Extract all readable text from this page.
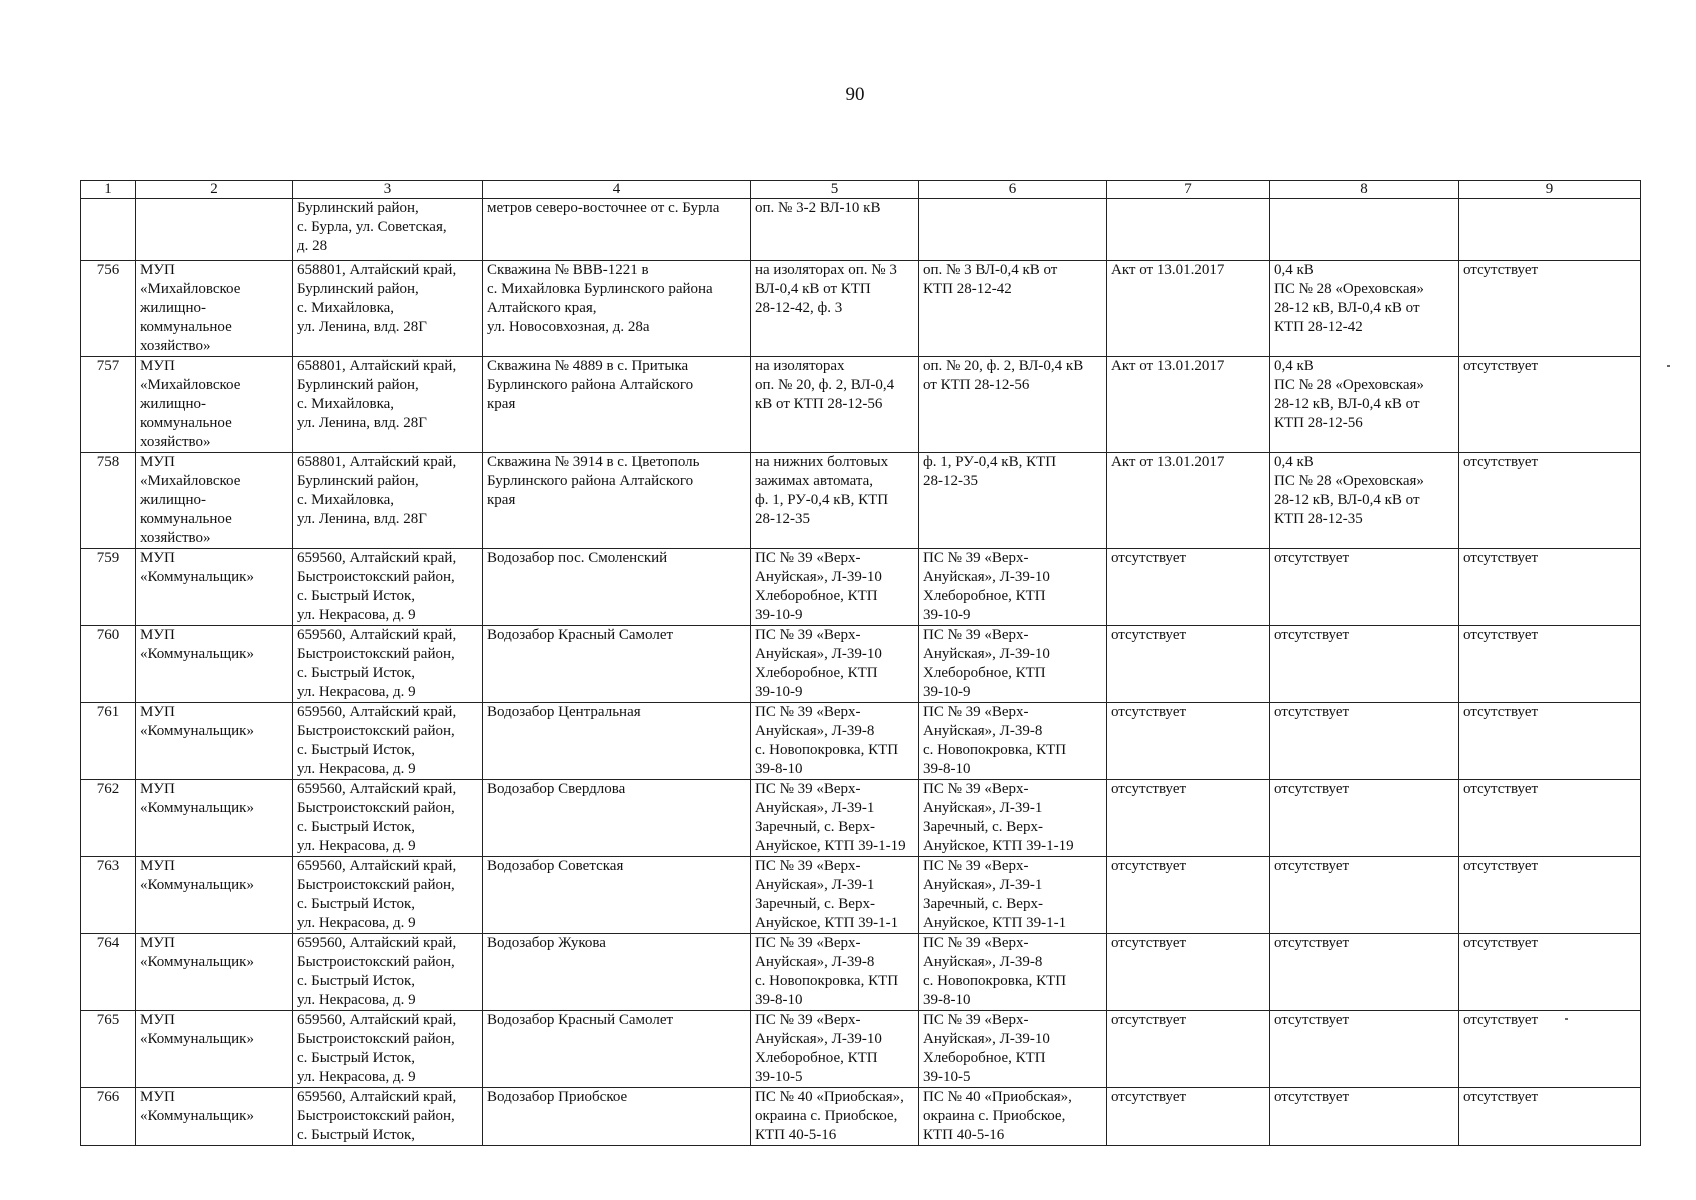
90
1	2	3	4	5	6	7	8	9
		Бурлинский район,
с. Бурла, ул. Советская,
д. 28	метров северо-восточнее от с. Бурла	оп. № 3-2 ВЛ-10 кВ				
756	МУП
«Михайловское
жилищно-
коммунальное
хозяйство»	658801, Алтайский край,
Бурлинский район,
с. Михайловка,
ул. Ленина, влд. 28Г	Скважина № ВВВ-1221 в
с. Михайловка Бурлинского района
Алтайского края,
ул. Новосовхозная, д. 28а	на изоляторах оп. № 3
ВЛ-0,4 кВ от КТП
28-12-42, ф. 3	оп. № 3 ВЛ-0,4 кВ от
КТП 28-12-42	Акт от 13.01.2017	0,4 кВ
ПС № 28 «Ореховская»
28-12 кВ, ВЛ-0,4 кВ от
КТП 28-12-42	отсутствует
757	МУП
«Михайловское
жилищно-
коммунальное
хозяйство»	658801, Алтайский край,
Бурлинский район,
с. Михайловка,
ул. Ленина, влд. 28Г	Скважина № 4889 в с. Притыка
Бурлинского района Алтайского
края	на изоляторах
оп. № 20, ф. 2, ВЛ-0,4
кВ от КТП 28-12-56	оп. № 20, ф. 2, ВЛ-0,4 кВ
от КТП 28-12-56	Акт от 13.01.2017	0,4 кВ
ПС № 28 «Ореховская»
28-12 кВ, ВЛ-0,4 кВ от
КТП 28-12-56	отсутствует
758	МУП
«Михайловское
жилищно-
коммунальное
хозяйство»	658801, Алтайский край,
Бурлинский район,
с. Михайловка,
ул. Ленина, влд. 28Г	Скважина № 3914 в с. Цветополь
Бурлинского района Алтайского
края	на нижних болтовых
зажимах автомата,
ф. 1, РУ-0,4 кВ, КТП
28-12-35	ф. 1, РУ-0,4 кВ, КТП
28-12-35	Акт от 13.01.2017	0,4 кВ
ПС № 28 «Ореховская»
28-12 кВ, ВЛ-0,4 кВ от
КТП 28-12-35	отсутствует
759	МУП
«Коммунальщик»	659560, Алтайский край,
Быстроистокский район,
с. Быстрый Исток,
ул. Некрасова, д. 9	Водозабор пос. Смоленский	ПС № 39 «Верх-
Ануйская», Л-39-10
Хлеборобное, КТП
39-10-9	ПС № 39 «Верх-
Ануйская», Л-39-10
Хлеборобное, КТП
39-10-9	отсутствует	отсутствует	отсутствует
760	МУП
«Коммунальщик»	659560, Алтайский край,
Быстроистокский район,
с. Быстрый Исток,
ул. Некрасова, д. 9	Водозабор Красный Самолет	ПС № 39 «Верх-
Ануйская», Л-39-10
Хлеборобное, КТП
39-10-9	ПС № 39 «Верх-
Ануйская», Л-39-10
Хлеборобное, КТП
39-10-9	отсутствует	отсутствует	отсутствует
761	МУП
«Коммунальщик»	659560, Алтайский край,
Быстроистокский район,
с. Быстрый Исток,
ул. Некрасова, д. 9	Водозабор Центральная	ПС № 39 «Верх-
Ануйская», Л-39-8
с. Новопокровка, КТП
39-8-10	ПС № 39 «Верх-
Ануйская», Л-39-8
с. Новопокровка, КТП
39-8-10	отсутствует	отсутствует	отсутствует
762	МУП
«Коммунальщик»	659560, Алтайский край,
Быстроистокский район,
с. Быстрый Исток,
ул. Некрасова, д. 9	Водозабор Свердлова	ПС № 39 «Верх-
Ануйская», Л-39-1
Заречный, с. Верх-
Ануйское, КТП 39-1-19	ПС № 39 «Верх-
Ануйская», Л-39-1
Заречный, с. Верх-
Ануйское, КТП 39-1-19	отсутствует	отсутствует	отсутствует
763	МУП
«Коммунальщик»	659560, Алтайский край,
Быстроистокский район,
с. Быстрый Исток,
ул. Некрасова, д. 9	Водозабор Советская	ПС № 39 «Верх-
Ануйская», Л-39-1
Заречный, с. Верх-
Ануйское, КТП 39-1-1	ПС № 39 «Верх-
Ануйская», Л-39-1
Заречный, с. Верх-
Ануйское, КТП 39-1-1	отсутствует	отсутствует	отсутствует
764	МУП
«Коммунальщик»	659560, Алтайский край,
Быстроистокский район,
с. Быстрый Исток,
ул. Некрасова, д. 9	Водозабор Жукова	ПС № 39 «Верх-
Ануйская», Л-39-8
с. Новопокровка, КТП
39-8-10	ПС № 39 «Верх-
Ануйская», Л-39-8
с. Новопокровка, КТП
39-8-10	отсутствует	отсутствует	отсутствует
765	МУП
«Коммунальщик»	659560, Алтайский край,
Быстроистокский район,
с. Быстрый Исток,
ул. Некрасова, д. 9	Водозабор Красный Самолет	ПС № 39 «Верх-
Ануйская», Л-39-10
Хлеборобное, КТП
39-10-5	ПС № 39 «Верх-
Ануйская», Л-39-10
Хлеборобное, КТП
39-10-5	отсутствует	отсутствует	отсутствует
766	МУП
«Коммунальщик»	659560, Алтайский край,
Быстроистокский район,
с. Быстрый Исток,	Водозабор Приобское	ПС № 40 «Приобская»,
окраина с. Приобское,
КТП 40-5-16	ПС № 40 «Приобская»,
окраина с. Приобское,
КТП 40-5-16	отсутствует	отсутствует	отсутствует
